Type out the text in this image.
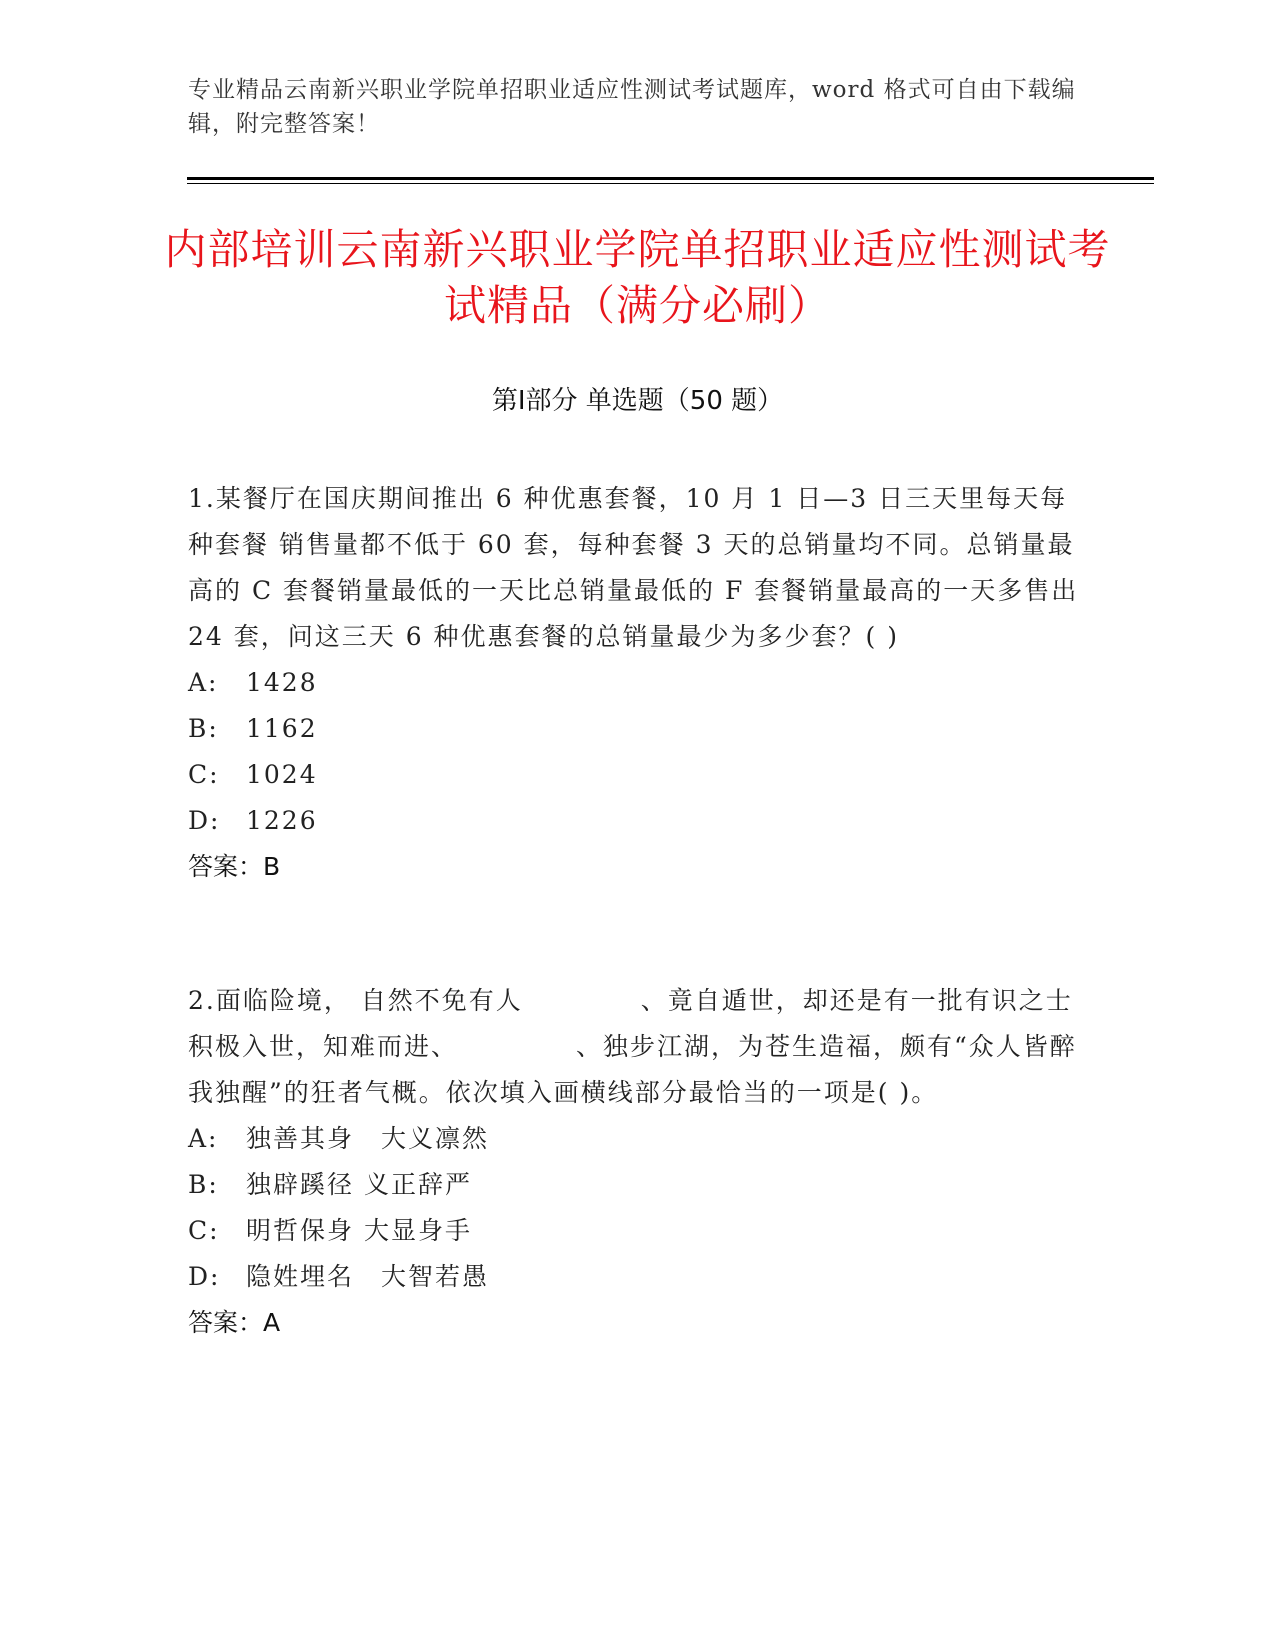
专业精品云南新兴职业学院单招职业适应性测试考试题库，word 格式可自由下载编辑，附完整答案！
内部培训云南新兴职业学院单招职业适应性测试考试精品（满分必刷）
第Ⅰ部分 单选题（50 题）

1.某餐厅在国庆期间推出 6 种优惠套餐，10 月 1 日—3 日三天里每天每种套餐 销售量都不低于 60 套，每种套餐 3 天的总销量均不同。总销量最高的 C 套餐销量最低的一天比总销量最低的 F 套餐销量最高的一天多售出 24 套，问这三天 6 种优惠套餐的总销量最少为多少套？( )

A:	1428
B:	1162
C:	1024
D:	1226
答案：B

2.面临险境， 自然不免有人 　　　　、竟自遁世，却还是有一批有识之士积极入世，知难而进、 　　　　、独步江湖，为苍生造福，颇有“众人皆醉我独醒”的狂者气概。依次填入画横线部分最恰当的一项是( )。

A:	独善其身　大义凛然
B:	独辟蹊径 义正辞严
C:	明哲保身 大显身手
D:	隐姓埋名　大智若愚
答案：A
